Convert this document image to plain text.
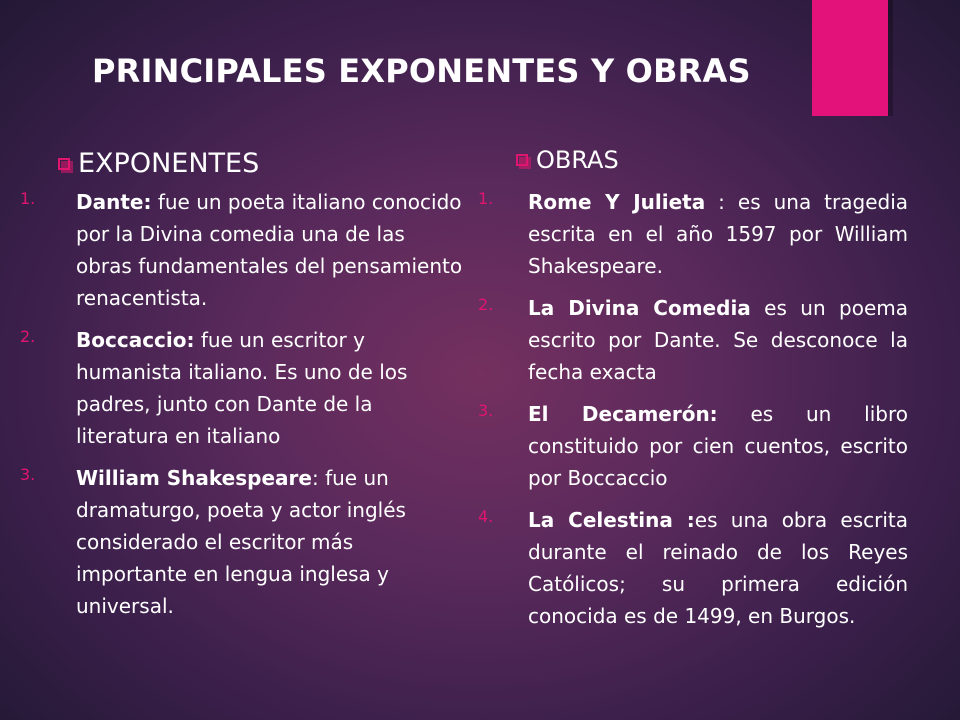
PRINCIPALES EXPONENTES Y OBRAS
EXPONENTES	OBRAS
1.	Dante: fue un poeta italiano conocido por la Divina comedia una de las obras fundamentales del pensamiento renacentista.
2.	Boccaccio: fue un escritor y humanista italiano. Es uno de los padres, junto con Dante de la literatura en italiano
3.	William Shakespeare: fue un dramaturgo, poeta y actor inglés considerado el escritor más importante en lengua inglesa y universal.
1.	Rome Y Julieta : es una tragedia escrita en el año 1597 por William Shakespeare.
2.	La Divina Comedia es un poema escrito por Dante. Se desconoce la fecha exacta
3.	El Decamerón: es un libro constituido por cien cuentos, escrito por Boccaccio
4.	La Celestina :es una obra escrita durante el reinado de los Reyes Católicos; su primera edición conocida es de 1499, en Burgos.
